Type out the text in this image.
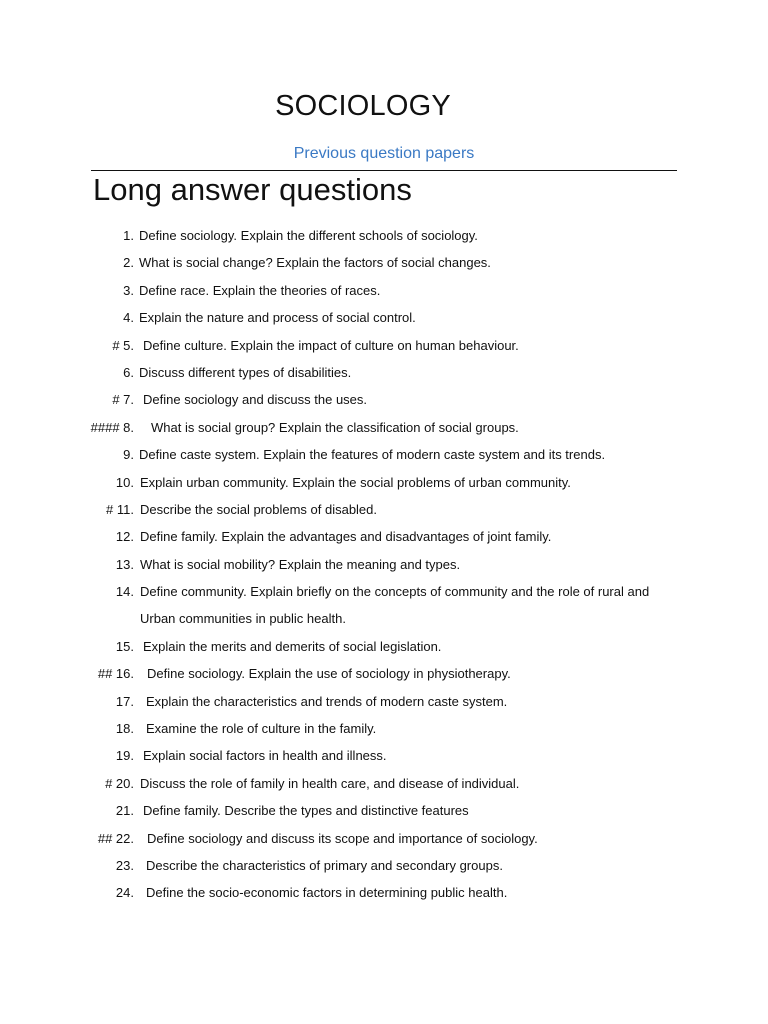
SOCIOLOGY
Previous question papers
Long answer questions
1. Define sociology. Explain the different schools of sociology.
2. What is social change? Explain the factors of social changes.
3. Define race. Explain the theories of races.
4. Explain the nature and process of social control.
# 5. Define culture. Explain the impact of culture on human behaviour.
6. Discuss different types of disabilities.
# 7. Define sociology and discuss the uses.
#### 8. What is social group? Explain the classification of social groups.
9. Define caste system. Explain the features of modern caste system and its trends.
10. Explain urban community. Explain the social problems of urban community.
# 11. Describe the social problems of disabled.
12. Define family. Explain the advantages and disadvantages of joint family.
13. What is social mobility? Explain the meaning and types.
14. Define community. Explain briefly on the concepts of community and the role of rural and
Urban communities in public health.
15. Explain the merits and demerits of social legislation.
## 16. Define sociology. Explain the use of sociology in physiotherapy.
17. Explain the characteristics and trends of modern caste system.
18. Examine the role of culture in the family.
19. Explain social factors in health and illness.
# 20. Discuss the role of family in health care, and disease of individual.
21. Define family. Describe the types and distinctive features
## 22. Define sociology and discuss its scope and importance of sociology.
23. Describe the characteristics of primary and secondary groups.
24. Define the socio-economic factors in determining public health.
